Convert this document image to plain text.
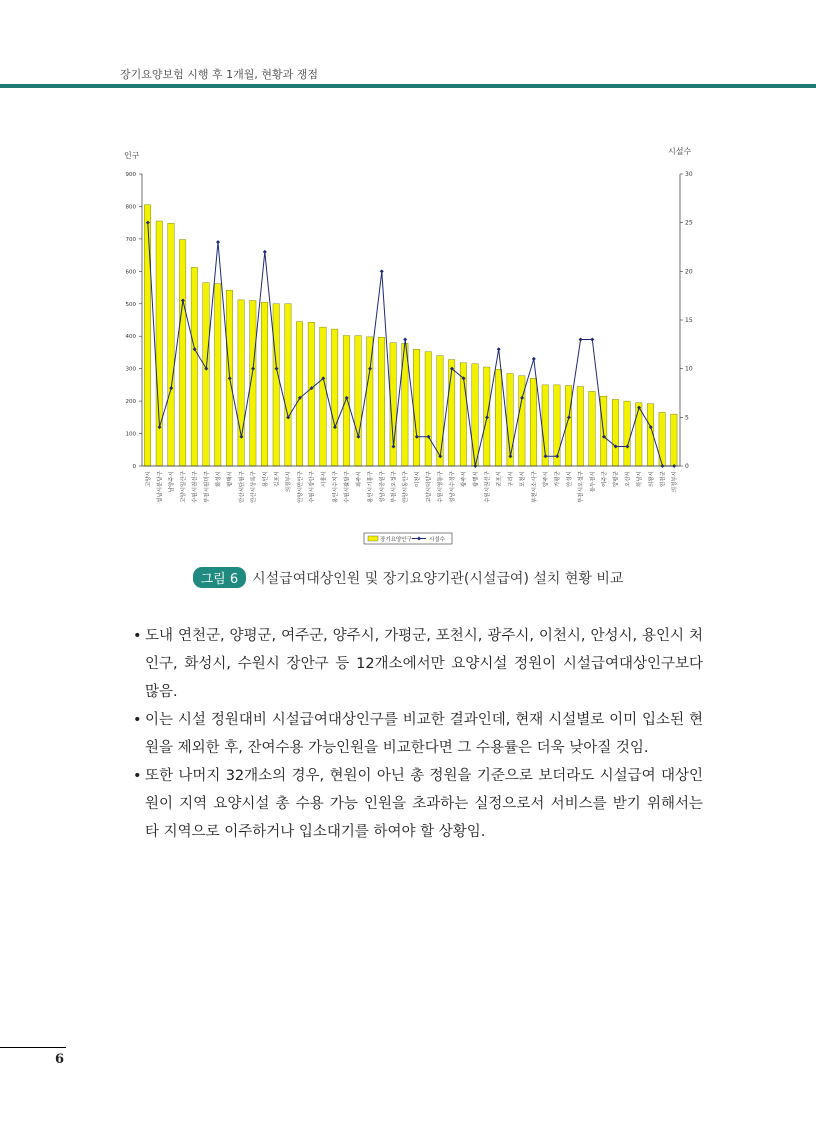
장기요양보험 시행 후 1개월, 현황과 쟁점
인구	시설수
0
100
200
300
400
500
600
700
800
900
0
5
10
15
20
25
30
고양시	성남시분당구	남양주시	고양시일산구	수원시권선구	부천시원미구	화성시	평택시	안산시단원구	안산시상록구	용인시	김포시	의정부시	안양시만안구	수원시장안구	시흥시	용인시수지구	수원시팔달구	파주시	용인시기흥구	성남시중원구	부천시오정구	안양시동안구	이천시	고양시덕양구	수원시영통구	성남시수정구	광주시	광명시	수원시권선구	군포시	구리시	포천시	부천시소사구	양주시	가평군	안성시	부천시오정구	동두천시	여주군	양평군	오산시	하남시	의왕시	연천군	의정부시
장기요양인구	시설수
그림 6 시설급여대상인원 및 장기요양기관(시설급여) 설치 현황 비교
• 도내 연천군, 양평군, 여주군, 양주시, 가평군, 포천시, 광주시, 이천시, 안성시, 용인시 처인구, 화성시, 수원시 장안구 등 12개소에서만 요양시설 정원이 시설급여대상인구보다 많음.
• 이는 시설 정원대비 시설급여대상인구를 비교한 결과인데, 현재 시설별로 이미 입소된 현원을 제외한 후, 잔여수용 가능인원을 비교한다면 그 수용률은 더욱 낮아질 것임.
• 또한 나머지 32개소의 경우, 현원이 아닌 총 정원을 기준으로 보더라도 시설급여 대상인원이 지역 요양시설 총 수용 가능 인원을 초과하는 실정으로서 서비스를 받기 위해서는 타 지역으로 이주하거나 입소대기를 하여야 할 상황임.
6
